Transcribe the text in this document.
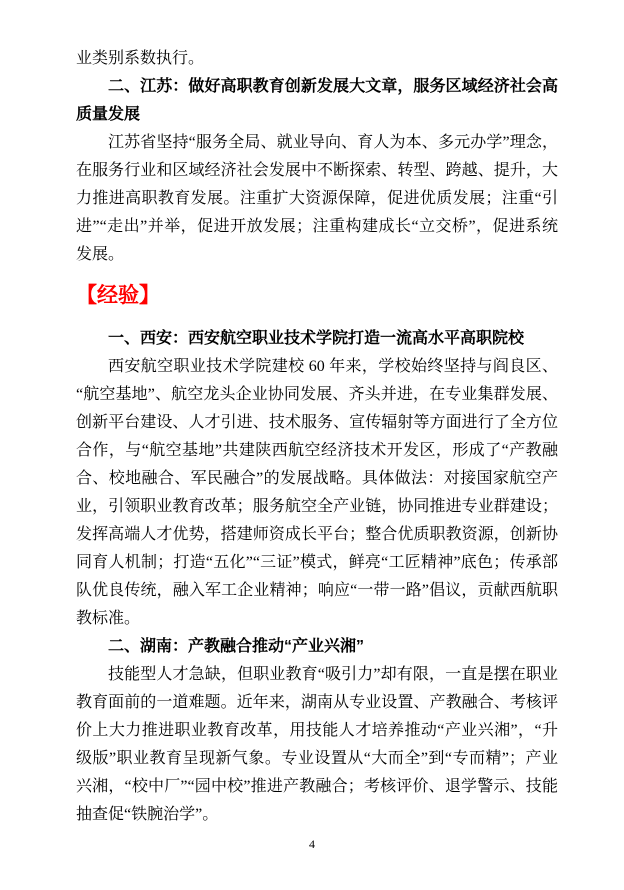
业类别系数执行。

二、江苏：做好高职教育创新发展大文章，服务区域经济社会高质量发展

江苏省坚持“服务全局、就业导向、育人为本、多元办学”理念，在服务行业和区域经济社会发展中不断探索、转型、跨越、提升，大力推进高职教育发展。注重扩大资源保障，促进优质发展；注重“引进”“走出”并举，促进开放发展；注重构建成长“立交桥”，促进系统发展。

【经验】

一、西安：西安航空职业技术学院打造一流高水平高职院校

西安航空职业技术学院建校 60 年来，学校始终坚持与阎良区、“航空基地”、航空龙头企业协同发展、齐头并进，在专业集群发展、创新平台建设、人才引进、技术服务、宣传辐射等方面进行了全方位合作，与“航空基地”共建陕西航空经济技术开发区，形成了“产教融合、校地融合、军民融合”的发展战略。具体做法：对接国家航空产业，引领职业教育改革；服务航空全产业链，协同推进专业群建设；发挥高端人才优势，搭建师资成长平台；整合优质职教资源，创新协同育人机制；打造“五化”“三证”模式，鲜亮“工匠精神”底色；传承部队优良传统，融入军工企业精神；响应“一带一路”倡议，贡献西航职教标准。

二、湖南：产教融合推动“产业兴湘”

技能型人才急缺，但职业教育“吸引力”却有限，一直是摆在职业教育面前的一道难题。近年来，湖南从专业设置、产教融合、考核评价上大力推进职业教育改革，用技能人才培养推动“产业兴湘”，“升级版”职业教育呈现新气象。专业设置从“大而全”到“专而精”；产业兴湘，“校中厂”“园中校”推进产教融合；考核评价、退学警示、技能抽查促“铁腕治学”。

4
